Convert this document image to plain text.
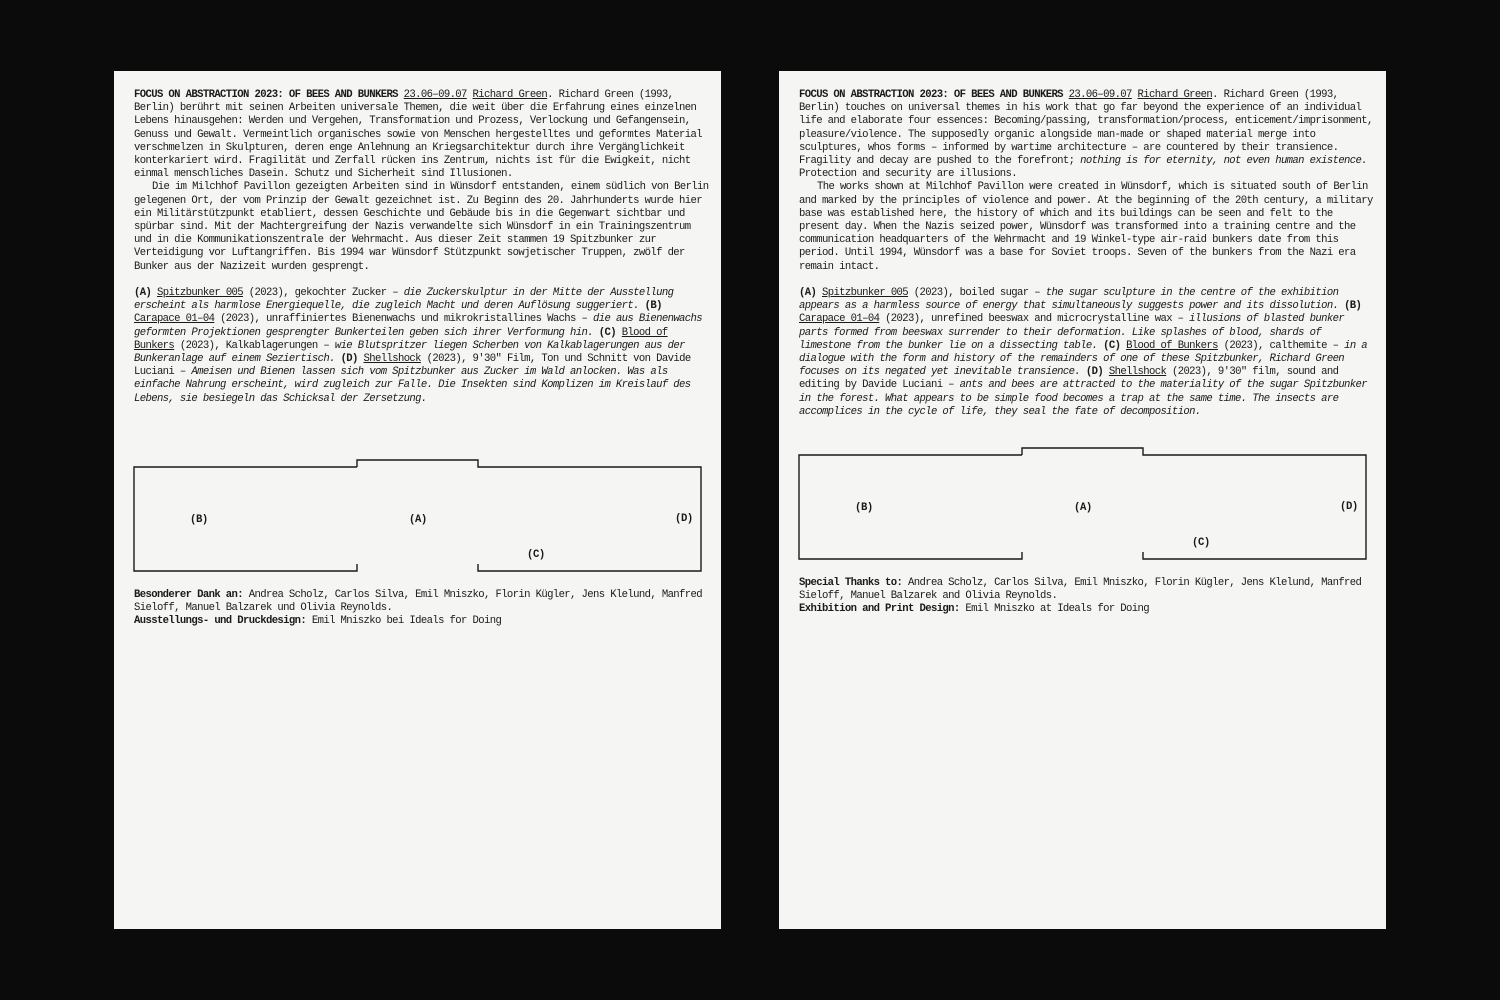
FOCUS ON ABSTRACTION 2023: OF BEES AND BUNKERS 23.06–09.07 Richard Green. Richard Green (1993, Berlin) berührt mit seinen Arbeiten universale Themen, die weit über die Erfahrung eines einzelnen Lebens hinausgehen: Werden und Vergehen, Transformation und Prozess, Verlockung und Gefangensein, Genuss und Gewalt. Vermeintlich organisches sowie von Menschen hergestelltes und geformtes Material verschmelzen in Skulpturen, deren enge Anlehnung an Kriegsarchitektur durch ihre Vergänglichkeit konterkariert wird. Fragilität und Zerfall rücken ins Zentrum, nichts ist für die Ewigkeit, nicht einmal menschliches Dasein. Schutz und Sicherheit sind Illusionen.

Die im Milchhof Pavillon gezeigten Arbeiten sind in Wünsdorf entstanden, einem südlich von Berlin gelegenen Ort, der vom Prinzip der Gewalt gezeichnet ist. Zu Beginn des 20. Jahrhunderts wurde hier ein Militärstützpunkt etabliert, dessen Geschichte und Gebäude bis in die Gegenwart sichtbar und spürbar sind. Mit der Machtergreifung der Nazis verwandelte sich Wünsdorf in ein Trainingszentrum und in die Kommunikationszentrale der Wehrmacht. Aus dieser Zeit stammen 19 Spitzbunker zur Verteidigung vor Luftangriffen. Bis 1994 war Wünsdorf Stützpunkt sowjetischer Truppen, zwölf der Bunker aus der Nazizeit wurden gesprengt.

(A) Spitzbunker 005 (2023), gekochter Zucker – die Zuckerskulptur in der Mitte der Ausstellung erscheint als harmlose Energiequelle, die zugleich Macht und deren Auflösung suggeriert. (B) Carapace 01–04 (2023), unraffiniertes Bienenwachs und mikrokristallines Wachs – die aus Bienenwachs geformten Projektionen gesprengter Bunkerteilen geben sich ihrer Verformung hin. (C) Blood of Bunkers (2023), Kalkablagerungen – wie Blutspritzer liegen Scherben von Kalkablagerungen aus der Bunkeranlage auf einem Seziertisch. (D) Shellshock (2023), 9'30" Film, Ton und Schnitt von Davide Luciani – Ameisen und Bienen lassen sich vom Spitzbunker aus Zucker im Wald anlocken. Was als einfache Nahrung erscheint, wird zugleich zur Falle. Die Insekten sind Komplizen im Kreislauf des Lebens, sie besiegeln das Schicksal der Zersetzung.

(B)	(A)	(D)
(C)

Besonderer Dank an: Andrea Scholz, Carlos Silva, Emil Mniszko, Florin Kügler, Jens Klelund, Manfred Sieloff, Manuel Balzarek und Olivia Reynolds.

Ausstellungs- und Druckdesign: Emil Mniszko bei Ideals for Doing

FOCUS ON ABSTRACTION 2023: OF BEES AND BUNKERS 23.06–09.07 Richard Green. Richard Green (1993, Berlin) touches on universal themes in his work that go far beyond the experience of an individual life and elaborate four essences: Becoming/passing, transformation/process, enticement/imprisonment, pleasure/violence. The supposedly organic alongside man-made or shaped material merge into sculptures, whos forms – informed by wartime architecture – are countered by their transience. Fragility and decay are pushed to the forefront; nothing is for eternity, not even human existence. Protection and security are illusions.

The works shown at Milchhof Pavillon were created in Wünsdorf, which is situated south of Berlin and marked by the principles of violence and power. At the beginning of the 20th century, a military base was established here, the history of which and its buildings can be seen and felt to the present day. When the Nazis seized power, Wünsdorf was transformed into a training centre and the communication headquarters of the Wehrmacht and 19 Winkel-type air-raid bunkers date from this period. Until 1994, Wünsdorf was a base for Soviet troops. Seven of the bunkers from the Nazi era remain intact.

(A) Spitzbunker 005 (2023), boiled sugar – the sugar sculpture in the centre of the exhibition appears as a harmless source of energy that simultaneously suggests power and its dissolution. (B) Carapace 01–04 (2023), unrefined beeswax and microcrystalline wax – illusions of blasted bunker parts formed from beeswax surrender to their deformation. Like splashes of blood, shards of limestone from the bunker lie on a dissecting table. (C) Blood of Bunkers (2023), calthemite – in a dialogue with the form and history of the remainders of one of these Spitzbunker, Richard Green focuses on its negated yet inevitable transience. (D) Shellshock (2023), 9'30" film, sound and editing by Davide Luciani – ants and bees are attracted to the materiality of the sugar Spitzbunker in the forest. What appears to be simple food becomes a trap at the same time. The insects are accomplices in the cycle of life, they seal the fate of decomposition.

(B)	(A)	(D)
(C)

Special Thanks to: Andrea Scholz, Carlos Silva, Emil Mniszko, Florin Kügler, Jens Klelund, Manfred Sieloff, Manuel Balzarek and Olivia Reynolds.

Exhibition and Print Design: Emil Mniszko at Ideals for Doing
